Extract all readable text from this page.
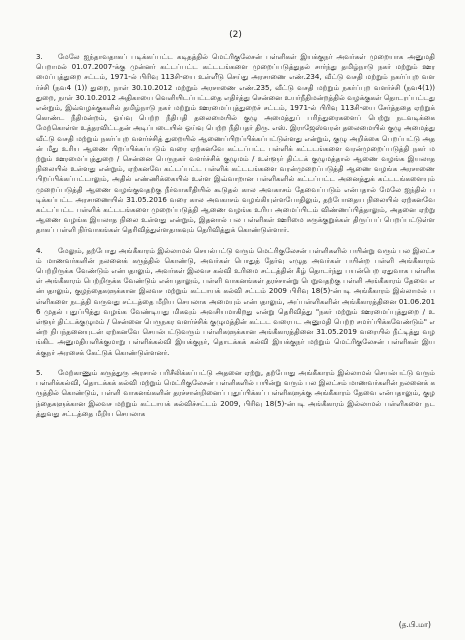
(2)

3. மேலே ஐந்தாவதாகப் படிக்கப்பட்ட கடிதத்தில் மெட்ரிகுலேசன் பள்ளிகள் இயக்குநர் அவர்கள் முறையாக அனுமதி பெறாமல் 01.07.2007-க்கு முன்னர் கட்டப்பட்ட கட்டடங்களை முறைப்படுத்துதல் சார்ந்து தமிழ்நாடு நகர் மற்றும் ஊரமைப்புத்துறை சட்டம், 1971-ல் பிரிவு 113சி-யை உள்ளீடு செய்து அரசாணை எண்.234, வீட்டு வசதி மற்றும் நகர்ப்புற வளர்ச்சி (நவ4 (1)) துறை, நாள் 30.10.2012 மற்றும் அரசாணை எண்.235, வீட்டு வசதி மற்றும் நகர்ப்புற வளர்ச்சி (நவ4(1)) துறை, நாள் 30.10.2012 அதிகாயை வெளியிடப்பட்டதை எதிர்த்து சென்னை உயர்நீதிமன்றத்தில் வழக்குகள் தொடரப்பட்டது என்றும், இவ்வழக்குகளில் தமிழ்நாடு நகர் மற்றும் ஊரமைப்புத்துறைச் சட்டம், 1971-ல் பிரிவு 113சி-யை சேர்த்ததை ஏற்றுக் கொண்ட நீதிமன்றம், ஓய்வு பெற்ற நீதிபதி தலைமையில் குழு அமைத்துப் பரிந்துரைகளைப் பெற்று நடவடிக்கை மேற்கொள்ள உத்தரவிட்டதன் அடிப்படையில் ஓய்வு பெற்ற நீதிபதர் திரு. எஸ். இராஜேஸ்வரன் தலைமையில் குழு அமைத்து வீட்டு வசதி மற்றும் நகர்ப்புற வளர்ச்சித் துறையில் ஆணைப்பிறப்பிக்கப்பட்டுள்ளது என்றும், குழு அறிக்கை பெறப்பட்டு அதன் மீது உரிய ஆணை பிறப்பிக்கப்படும் வரை ஏற்கனவே கட்டப்பட்ட பள்ளிக் கட்டடங்களை வரன்முறைப்படுத்தி நகர் மற்றும் ஊரமைப்புத்துறை / சென்னை பெருநகர் வளர்ச்சிக் குழுமம் / உள்ளூர் திட்டக் குழுமத்தால் ஆணை வழங்க இயலாத நிலையில் உள்ளது என்றும், ஏற்கனவே கட்டப்பட்ட பள்ளிக் கட்டடங்களை வரன்முறைப்படுத்தி ஆணை வழங்க அரசாணை பிறப்பிக்கப்பட்டாலும், அதில் எண்ணிக்கையில் உள்ள இவ்வாறான பள்ளிகளில் கட்டப்பட்ட அனைத்துக் கட்டடங்களையும் முறைப்படுத்தி ஆணை வழங்குவதற்கு நீர்வாகரீதியில் கூடுதல் கால அவகாசம் தேவைப்படும் என்பதால் மேலே ஐந்தில் படிக்கப்பட்ட அரசாணையில் 31.05.2016 வரை கால அவகாசம் வழங்கியுள்ளபோதிலும், தற்போதைய நிலையில் ஏற்கனவே கட்டப்பட்ட பள்ளிக் கட்டடங்களை முறைப்படுத்தி ஆணை வழங்க உரிய அமைப்பிடம் விண்ணப்பித்தாலும், அதனை ஏற்று ஆணை வழங்க இயலாத நிலை உள்ளது என்றும், இதனால் பல பள்ளிகள் ஊரிமை சுருக்குறுக்கள் திருப்பப் பெறப்பட்டுள்ளதாகப் பள்ளி நிர்வாகங்கள் தெரிவித்துள்ளதாகவும் தெரிவித்துக் கொண்டுள்ளார்.

4. மேலும், தற்போது அங்கீகாரம் இல்லாமல் செயல்பட்டு வரும் மெட்ரிகுலேசன் பள்ளிகளில் பயின்று வரும் பல இலட்சம் மாணவர்களின் நலனைக் கருத்தில் கொண்டு, அவர்கள் பொதுத் தேர்வு எழுத அவர்கள் பயின்ற பள்ளி அங்கீகாரம் பெற்றிருக்க வேண்டும் என்பதாலும், அவர்கள் இலவச கல்வி உரிமை சட்டத்தின் கீழ் தொடர்ந்து பயன்பெற ஏதுவாக பள்ளிகள் அங்கீகாரம் பெற்றிருக்க வேண்டும் என்பதாலும், பள்ளி வாகனங்கள் தரச்சான்று பெறுவதற்கு பள்ளி அங்கீகாரம் தேவை என்பதாலும், குழந்தைகளுக்கான இலவச மற்றும் கட்டாயக் கல்வி சட்டம் 2009 பிரிவு 18(5)-ன்படி அங்கீகாரம் இல்லாமல் பள்ளிகளை நடத்தி வருவது சட்டத்தை மீறிய செயலாக அமையும் என்பதாலும், அப்பள்ளிகளின் அங்கீகாரத்தினை 01.06.2016 முதல் புதுப்பித்து வழங்க வேண்டியது மிகவும் அவசியமாகிறது என்று தெரிவித்து "நகர் மற்றும் ஊரமைப்புத்துறை / உள்ளூர் திட்டக்குழுமம் / சென்னை பெருநகர வளர்ச்சிக் குழுமத்தின் கட்டட வரைபட அனுமதி பெற்ற சமர்ப்பிக்கவேண்டும்" என்ற நிபந்தனையுடன் ஏற்கனவே செயல்பட்டுவரும் பள்ளிகளுக்கான அங்கீகாரத்தினை 31.05.2019 வரையில் நீட்டித்து வழங்கிட அனுமதியளிக்குமாறு பள்ளிக்கல்வி இயக்குநர், தொடக்கக் கல்வி இயக்குநர் மற்றும் மெட்ரிகுலேசன் பள்ளிகள் இயக்குநர் அரசைக் கேட்டுக் கொண்டுள்ளனர்.

5. மேற்காணும் கருத்துரு அரசால் பரிசீலிக்கப்பட்டு அதனை ஏற்று, தற்போது அங்கீகாரம் இல்லாமல் செயல்பட்டு வரும் பள்ளிக்கல்வி, தொடக்கக் கல்வி மற்றும் மெட்ரிகுலேசன் பள்ளிகளில் பயின்று வரும் பல இலட்சம் மாணவர்களின் நலனைக் கருத்தில் கொண்டும், பள்ளி வாகனங்களின் தரச்சான்றினைப் புதுப்பிக்கப் பள்ளிகளுக்கு அங்கீகாரம் தேவை என்பதாலும், குழந்தைகளுக்கான இலவச மற்றும் கட்டாயக் கல்விச்சட்டம் 2009, பிரிவு 18(5)-ன்படி அங்கீகாரம் இல்லாமல் பள்ளிகளை நடத்துவது சட்டத்தை மீறிய செயலாக

(த.பி.மா)
